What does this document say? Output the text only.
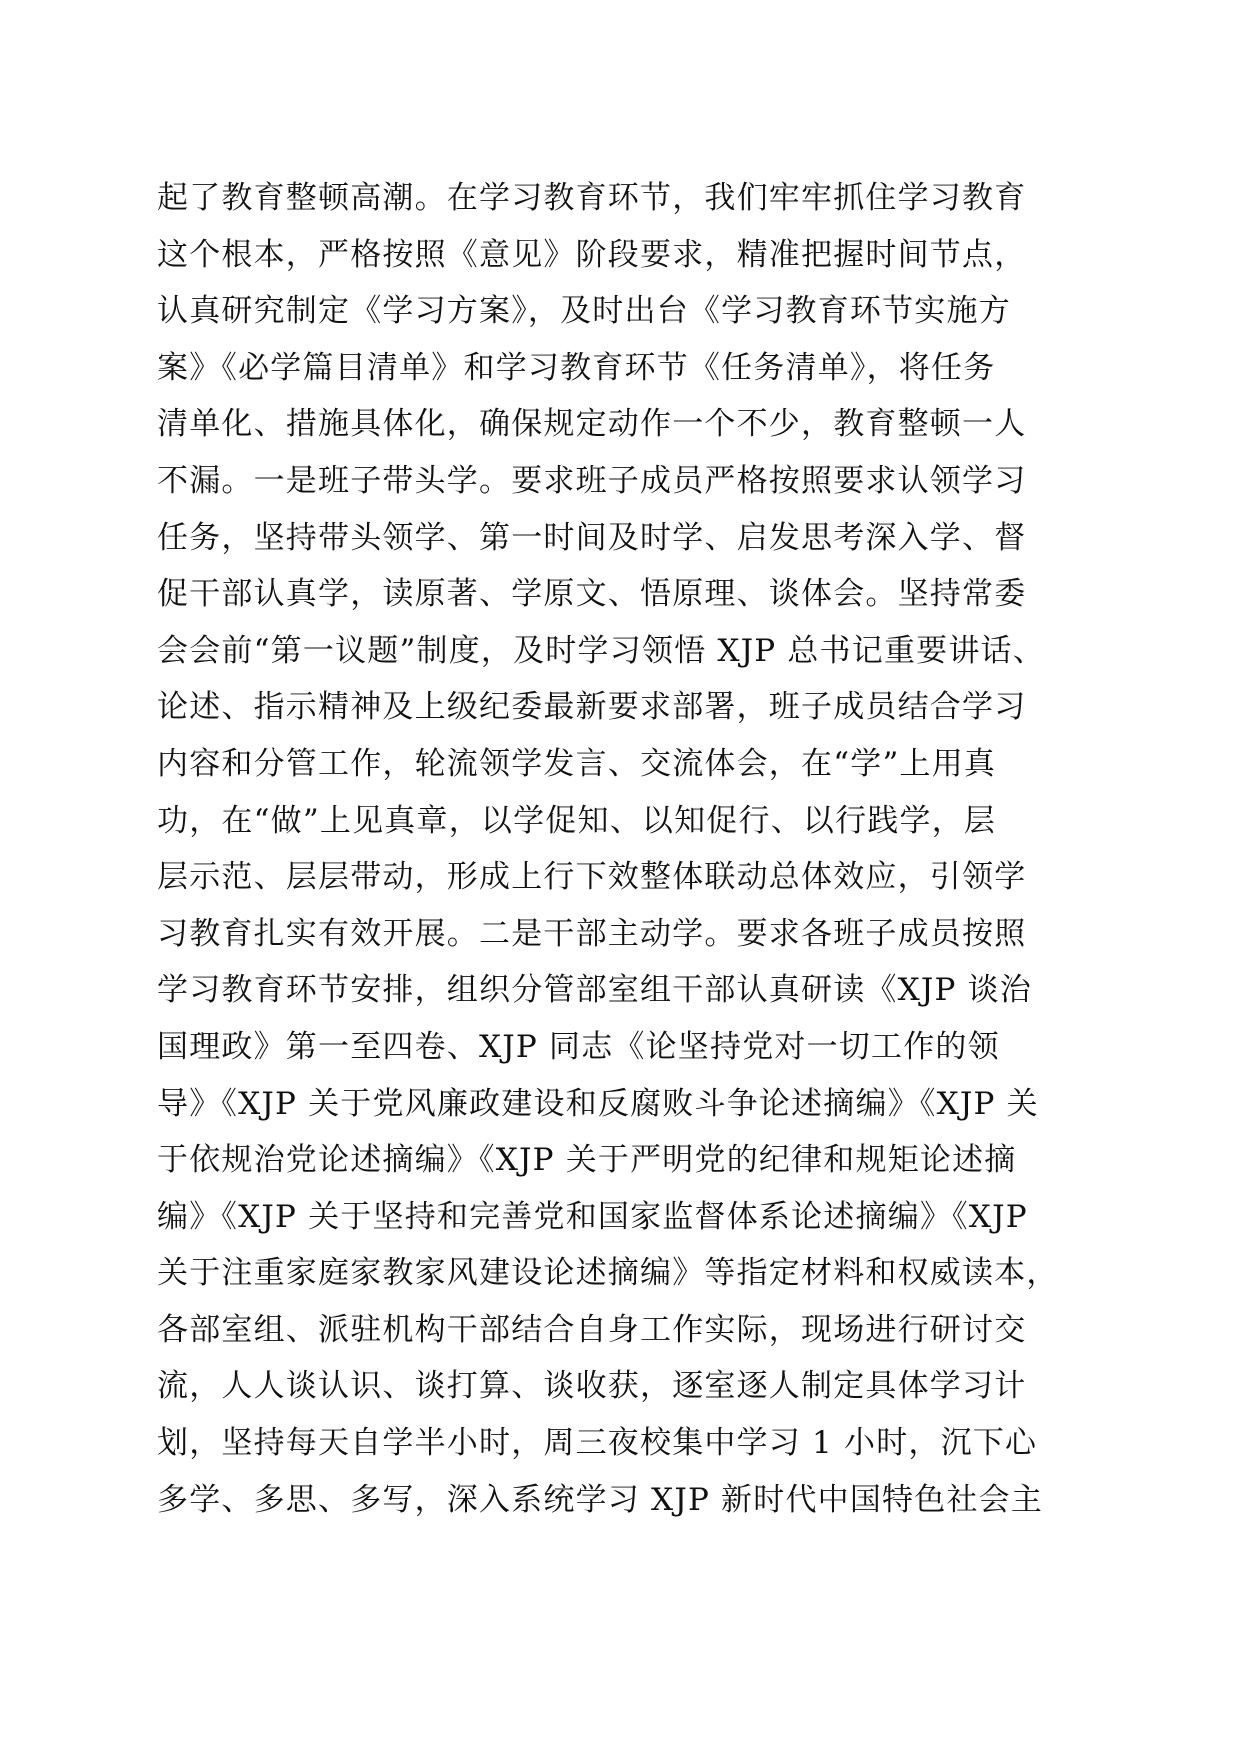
起了教育整顿高潮。在学习教育环节，我们牢牢抓住学习教育
这个根本，严格按照《意见》阶段要求，精准把握时间节点，
认真研究制定《学习方案》，及时出台《学习教育环节实施方
案》《必学篇目清单》和学习教育环节《任务清单》，将任务
清单化、措施具体化，确保规定动作一个不少，教育整顿一人
不漏。一是班子带头学。要求班子成员严格按照要求认领学习
任务，坚持带头领学、第一时间及时学、启发思考深入学、督
促干部认真学，读原著、学原文、悟原理、谈体会。坚持常委
会会前“第一议题”制度，及时学习领悟 XJP 总书记重要讲话、
论述、指示精神及上级纪委最新要求部署，班子成员结合学习
内容和分管工作，轮流领学发言、交流体会，在“学”上用真
功，在“做”上见真章，以学促知、以知促行、以行践学，层
层示范、层层带动，形成上行下效整体联动总体效应，引领学
习教育扎实有效开展。二是干部主动学。要求各班子成员按照
学习教育环节安排，组织分管部室组干部认真研读《XJP 谈治
国理政》第一至四卷、XJP 同志《论坚持党对一切工作的领
导》《XJP 关于党风廉政建设和反腐败斗争论述摘编》《XJP 关
于依规治党论述摘编》《XJP 关于严明党的纪律和规矩论述摘
编》《XJP 关于坚持和完善党和国家监督体系论述摘编》《XJP
关于注重家庭家教家风建设论述摘编》等指定材料和权威读本，
各部室组、派驻机构干部结合自身工作实际，现场进行研讨交
流，人人谈认识、谈打算、谈收获，逐室逐人制定具体学习计
划，坚持每天自学半小时，周三夜校集中学习 1 小时，沉下心
多学、多思、多写，深入系统学习 XJP 新时代中国特色社会主
